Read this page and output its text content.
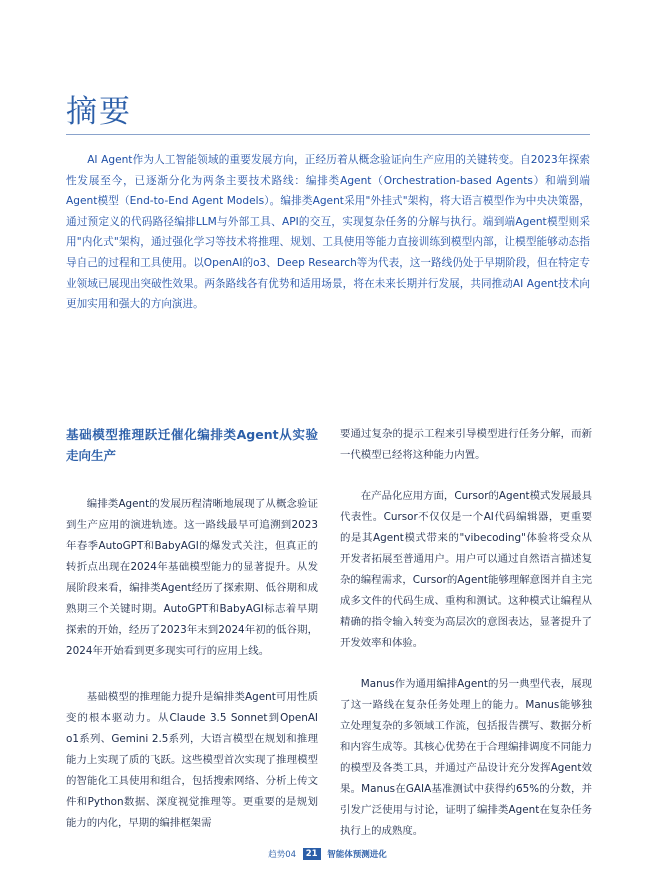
摘要

AI Agent作为人工智能领域的重要发展方向，正经历着从概念验证向生产应用的关键转变。自2023年探索性发展至今，已逐渐分化为两条主要技术路线：编排类Agent（Orchestration-based Agents）和端到端Agent模型（End-to-End Agent Models）。编排类Agent采用"外挂式"架构，将大语言模型作为中央决策器，通过预定义的代码路径编排LLM与外部工具、API的交互，实现复杂任务的分解与执行。端到端Agent模型则采用"内化式"架构，通过强化学习等技术将推理、规划、工具使用等能力直接训练到模型内部，让模型能够动态指导自己的过程和工具使用。以OpenAI的o3、Deep Research等为代表，这一路线仍处于早期阶段，但在特定专业领域已展现出突破性效果。两条路线各有优势和适用场景，将在未来长期并行发展，共同推动AI Agent技术向更加实用和强大的方向演进。

基础模型推理跃迁催化编排类Agent从实验走向生产

编排类Agent的发展历程清晰地展现了从概念验证到生产应用的演进轨迹。这一路线最早可追溯到2023年春季AutoGPT和BabyAGI的爆发式关注，但真正的转折点出现在2024年基础模型能力的显著提升。从发展阶段来看，编排类Agent经历了探索期、低谷期和成熟期三个关键时期。AutoGPT和BabyAGI标志着早期探索的开始，经历了2023年末到2024年初的低谷期，2024年开始看到更多现实可行的应用上线。

基础模型的推理能力提升是编排类Agent可用性质变的根本驱动力。从Claude 3.5 Sonnet到OpenAI o1系列、Gemini 2.5系列，大语言模型在规划和推理能力上实现了质的飞跃。这些模型首次实现了推理模型的智能化工具使用和组合，包括搜索网络、分析上传文件和Python数据、深度视觉推理等。更重要的是规划能力的内化，早期的编排框架需

要通过复杂的提示工程来引导模型进行任务分解，而新一代模型已经将这种能力内置。

在产品化应用方面，Cursor的Agent模式发展最具代表性。Cursor不仅仅是一个AI代码编辑器，更重要的是其Agent模式带来的"vibecoding"体验将受众从开发者拓展至普通用户。用户可以通过自然语言描述复杂的编程需求，Cursor的Agent能够理解意图并自主完成多文件的代码生成、重构和测试。这种模式让编程从精确的指令输入转变为高层次的意图表达，显著提升了开发效率和体验。

Manus作为通用编排Agent的另一典型代表，展现了这一路线在复杂任务处理上的能力。Manus能够独立处理复杂的多领域工作流，包括报告撰写、数据分析和内容生成等。其核心优势在于合理编排调度不同能力的模型及各类工具，并通过产品设计充分发挥Agent效果。Manus在GAIA基准测试中获得约65%的分数，并引发广泛使用与讨论，证明了编排类Agent在复杂任务执行上的成熟度。

趋势04 21 智能体预测进化
